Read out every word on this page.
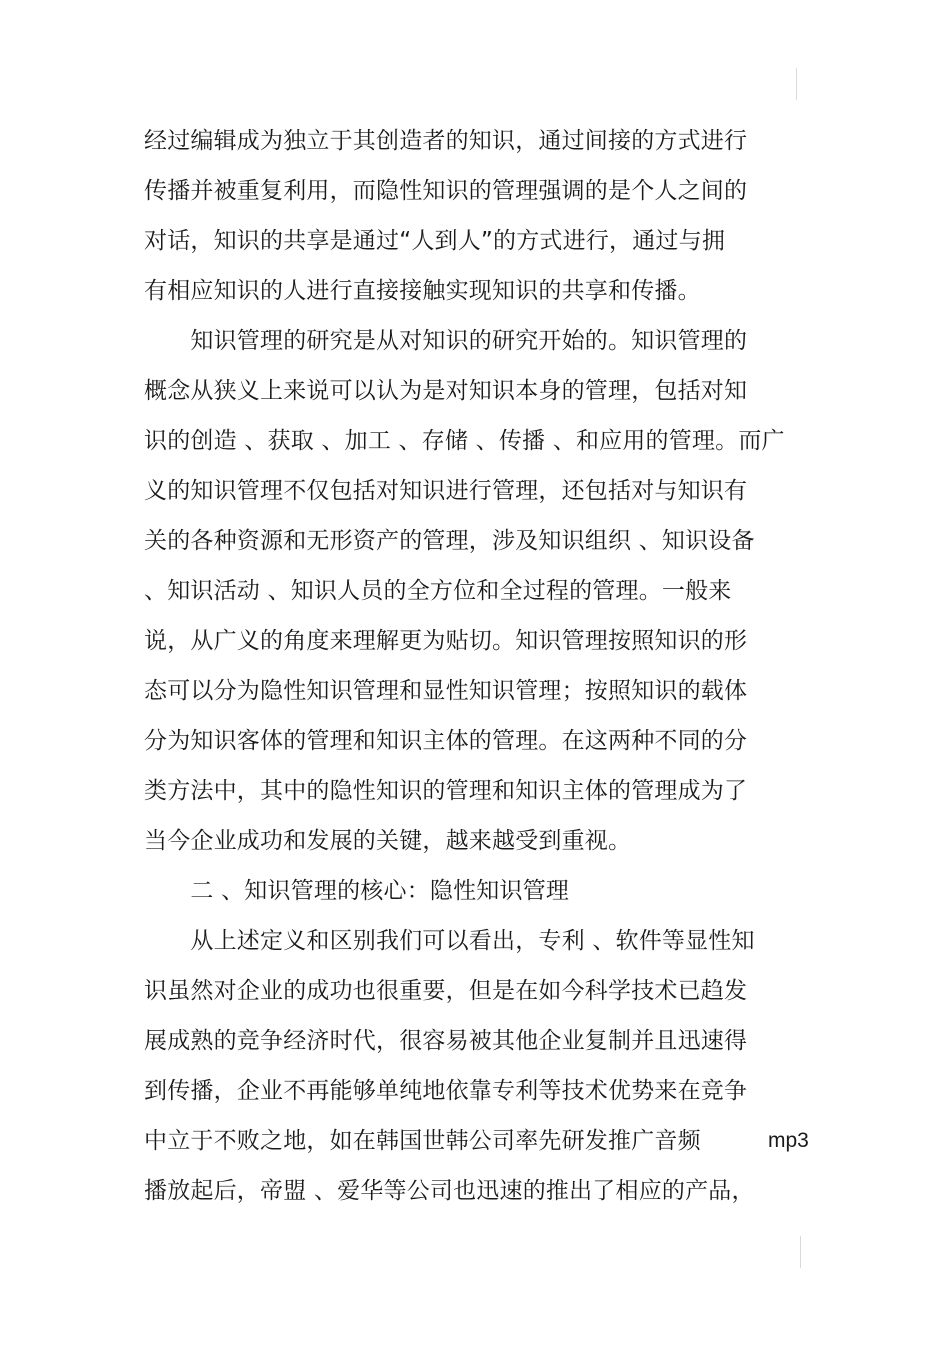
经过编辑成为独立于其创造者的知识，通过间接的方式进行
传播并被重复利用，而隐性知识的管理强调的是个人之间的
对话，知识的共享是通过“人到人”的方式进行，通过与拥
有相应知识的人进行直接接触实现知识的共享和传播。
　　知识管理的研究是从对知识的研究开始的。知识管理的
概念从狭义上来说可以认为是对知识本身的管理，包括对知
识的创造 、获取 、加工 、存储 、传播 、和应用的管理。而广
义的知识管理不仅包括对知识进行管理，还包括对与知识有
关的各种资源和无形资产的管理，涉及知识组织 、知识设备
、知识活动 、知识人员的全方位和全过程的管理。一般来
说，从广义的角度来理解更为贴切。知识管理按照知识的形
态可以分为隐性知识管理和显性知识管理；按照知识的载体
分为知识客体的管理和知识主体的管理。在这两种不同的分
类方法中，其中的隐性知识的管理和知识主体的管理成为了
当今企业成功和发展的关键，越来越受到重视。
　　二 、知识管理的核心：隐性知识管理
　　从上述定义和区别我们可以看出，专利 、软件等显性知
识虽然对企业的成功也很重要，但是在如今科学技术已趋发
展成熟的竞争经济时代，很容易被其他企业复制并且迅速得
到传播，企业不再能够单纯地依靠专利等技术优势来在竞争
中立于不败之地，如在韩国世韩公司率先研发推广音频	mp3
播放起后，帝盟 、爱华等公司也迅速的推出了相应的产品，
